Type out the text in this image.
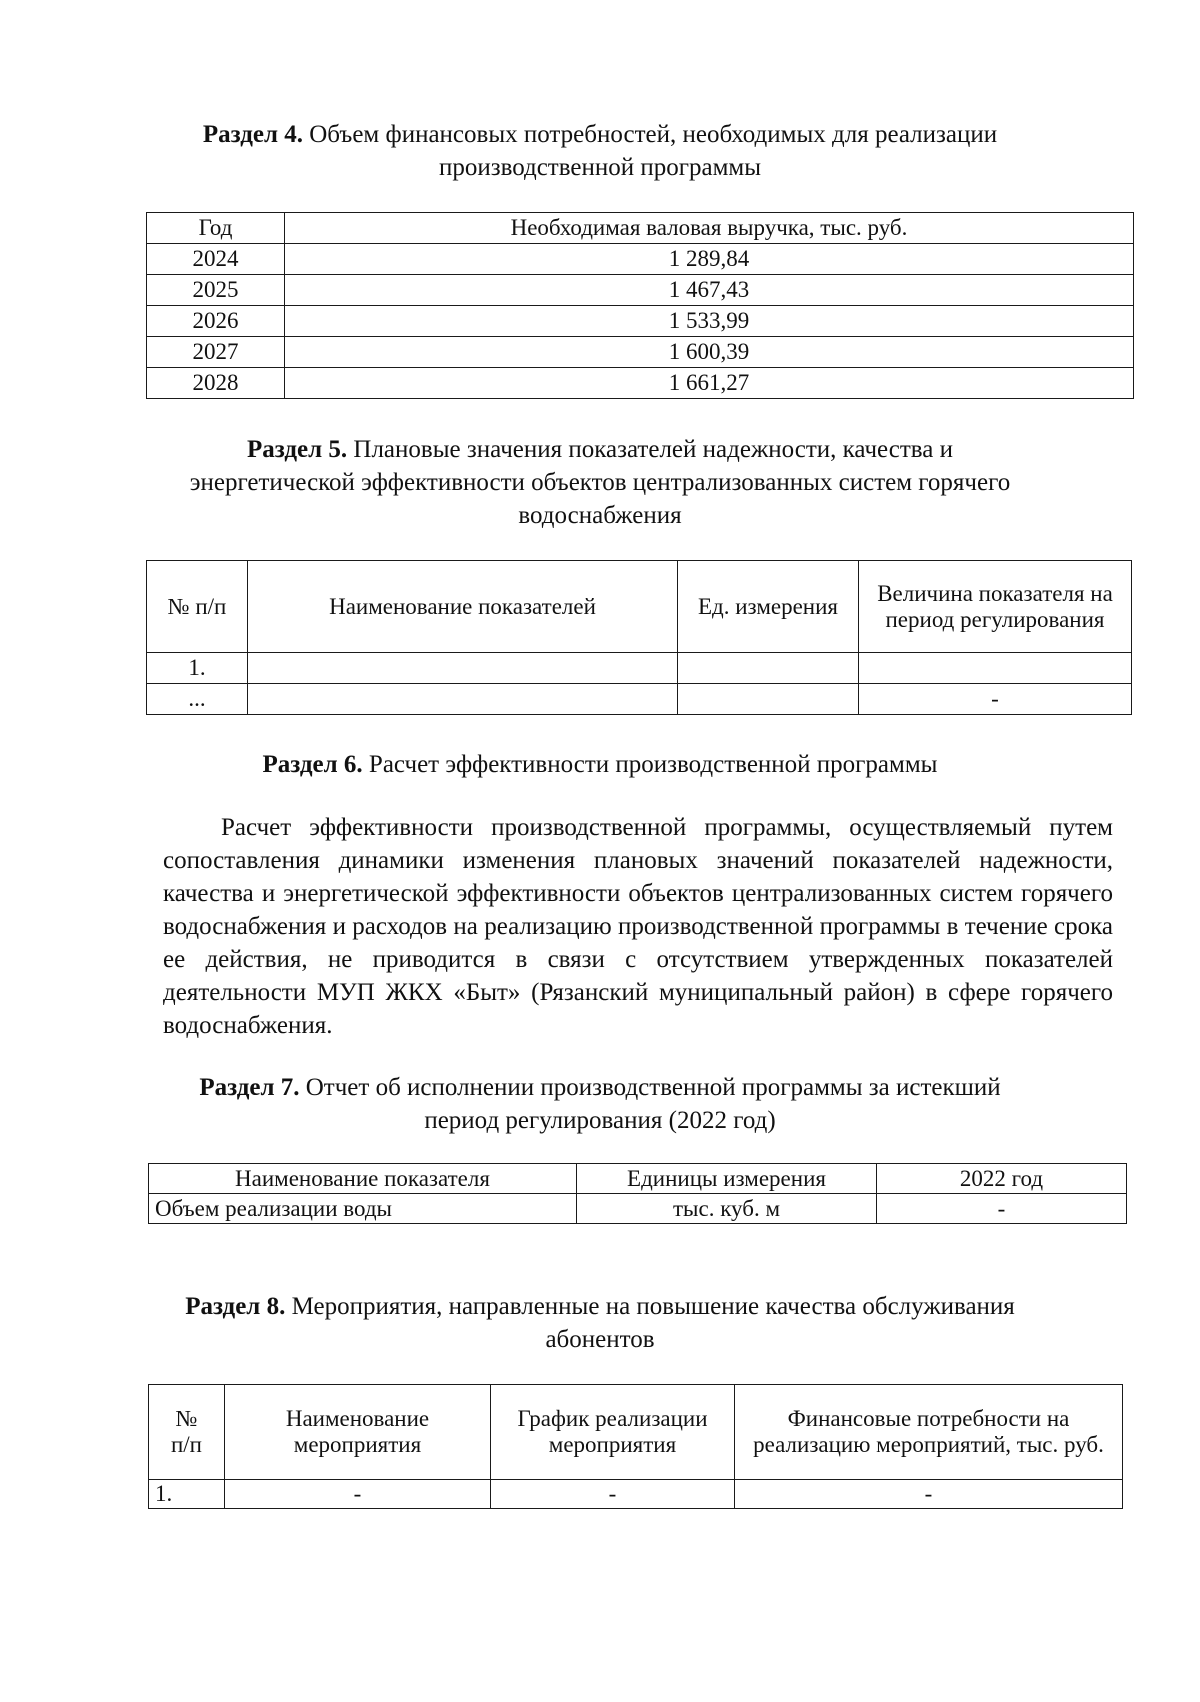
Раздел 4. Объем финансовых потребностей, необходимых для реализации
производственной программы
Год	Необходимая валовая выручка, тыс. руб.
2024	1 289,84
2025	1 467,43
2026	1 533,99
2027	1 600,39
2028	1 661,27
Раздел 5. Плановые значения показателей надежности, качества и
энергетической эффективности объектов централизованных систем горячего
водоснабжения
№ п/п	Наименование показателей	Ед. измерения	Величина показателя на период регулирования
1.			
...			-
Раздел 6. Расчет эффективности производственной программы
Расчет эффективности производственной программы, осуществляемый путем сопоставления динамики изменения плановых значений показателей надежности, качества и энергетической эффективности объектов централизованных систем горячего водоснабжения и расходов на реализацию производственной программы в течение срока ее действия, не приводится в связи с отсутствием утвержденных показателей деятельности МУП ЖКХ «Быт» (Рязанский муниципальный район) в сфере горячего водоснабжения.
Раздел 7. Отчет об исполнении производственной программы за истекший
период регулирования (2022 год)
Наименование показателя	Единицы измерения	2022 год
Объем реализации воды	тыс. куб. м	-
Раздел 8. Мероприятия, направленные на повышение качества обслуживания
абонентов
№ п/п	Наименование мероприятия	График реализации мероприятия	Финансовые потребности на реализацию мероприятий, тыс. руб.
1.	-	-	-
